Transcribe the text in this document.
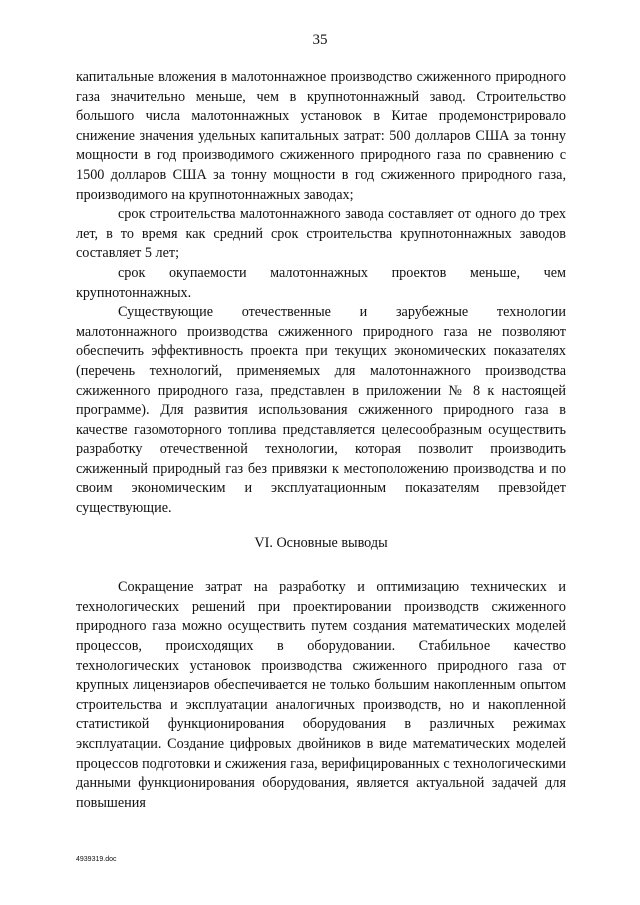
35

капитальные вложения в малотоннажное производство сжиженного природного газа значительно меньше, чем в крупнотоннажный завод. Строительство большого числа малотоннажных установок в Китае продемонстрировало снижение значения удельных капитальных затрат: 500 долларов США за тонну мощности в год производимого сжиженного природного газа по сравнению с 1500 долларов США за тонну мощности в год сжиженного природного газа, производимого на крупнотоннажных заводах;

срок строительства малотоннажного завода составляет от одного до трех лет, в то время как средний срок строительства крупнотоннажных заводов составляет 5 лет;

срок окупаемости малотоннажных проектов меньше, чем крупнотоннажных.

Существующие отечественные и зарубежные технологии малотоннажного производства сжиженного природного газа не позволяют обеспечить эффективность проекта при текущих экономических показателях (перечень технологий, применяемых для малотоннажного производства сжиженного природного газа, представлен в приложении № 8 к настоящей программе). Для развития использования сжиженного природного газа в качестве газомоторного топлива представляется целесообразным осуществить разработку отечественной технологии, которая позволит производить сжиженный природный газ без привязки к местоположению производства и по своим экономическим и эксплуатационным показателям превзойдет существующие.

VI. Основные выводы

Сокращение затрат на разработку и оптимизацию технических и технологических решений при проектировании производств сжиженного природного газа можно осуществить путем создания математических моделей процессов, происходящих в оборудовании. Стабильное качество технологических установок производства сжиженного природного газа от крупных лицензиаров обеспечивается не только большим накопленным опытом строительства и эксплуатации аналогичных производств, но и накопленной статистикой функционирования оборудования в различных режимах эксплуатации. Создание цифровых двойников в виде математических моделей процессов подготовки и сжижения газа, верифицированных с технологическими данными функционирования оборудования, является актуальной задачей для повышения

4939319.doc
